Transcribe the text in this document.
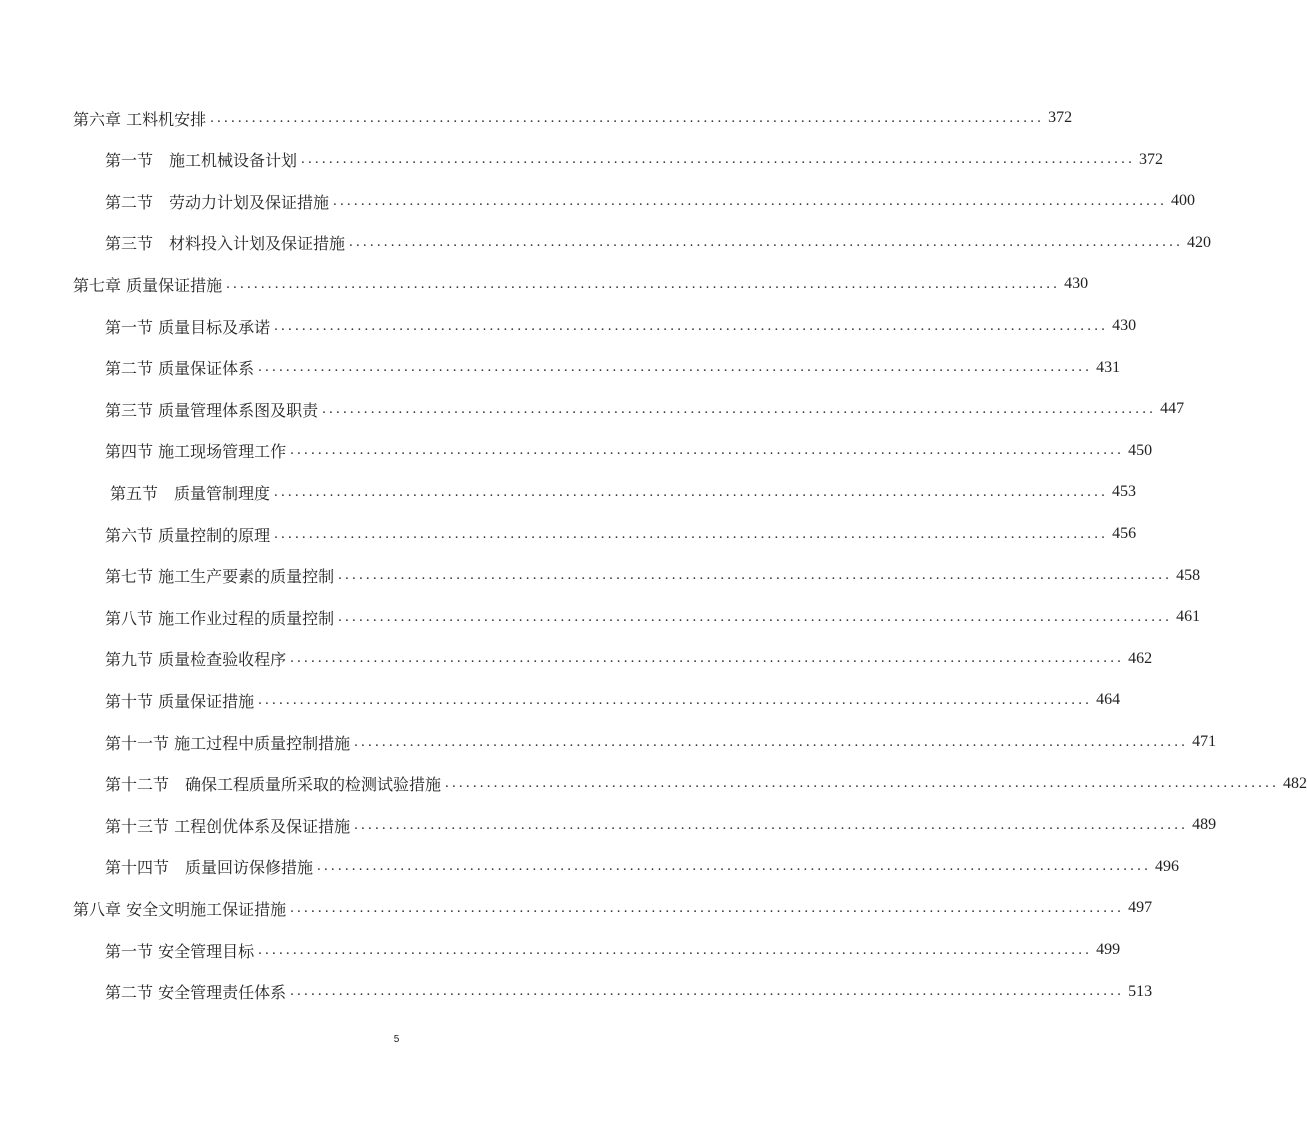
第六章 工料机安排 ........................................................................................................................ 372
第一节　施工机械设备计划 ........................................................................................................................ 372
第二节　劳动力计划及保证措施 ........................................................................................................................ 400
第三节　材料投入计划及保证措施 ........................................................................................................................ 420
第七章 质量保证措施 ........................................................................................................................ 430
第一节 质量目标及承诺 ........................................................................................................................ 430
第二节 质量保证体系 ........................................................................................................................ 431
第三节 质量管理体系图及职责 ........................................................................................................................ 447
第四节 施工现场管理工作 ........................................................................................................................ 450
第五节　质量管制理度 ........................................................................................................................ 453
第六节 质量控制的原理 ........................................................................................................................ 456
第七节 施工生产要素的质量控制 ........................................................................................................................ 458
第八节 施工作业过程的质量控制 ........................................................................................................................ 461
第九节 质量检查验收程序 ........................................................................................................................ 462
第十节 质量保证措施 ........................................................................................................................ 464
第十一节 施工过程中质量控制措施 ........................................................................................................................ 471
第十二节　确保工程质量所采取的检测试验措施 ........................................................................................................................ 482
第十三节 工程创优体系及保证措施 ........................................................................................................................ 489
第十四节　质量回访保修措施 ........................................................................................................................ 496
第八章 安全文明施工保证措施 ........................................................................................................................ 497
第一节 安全管理目标 ........................................................................................................................ 499
第二节 安全管理责任体系 ........................................................................................................................ 513
5
